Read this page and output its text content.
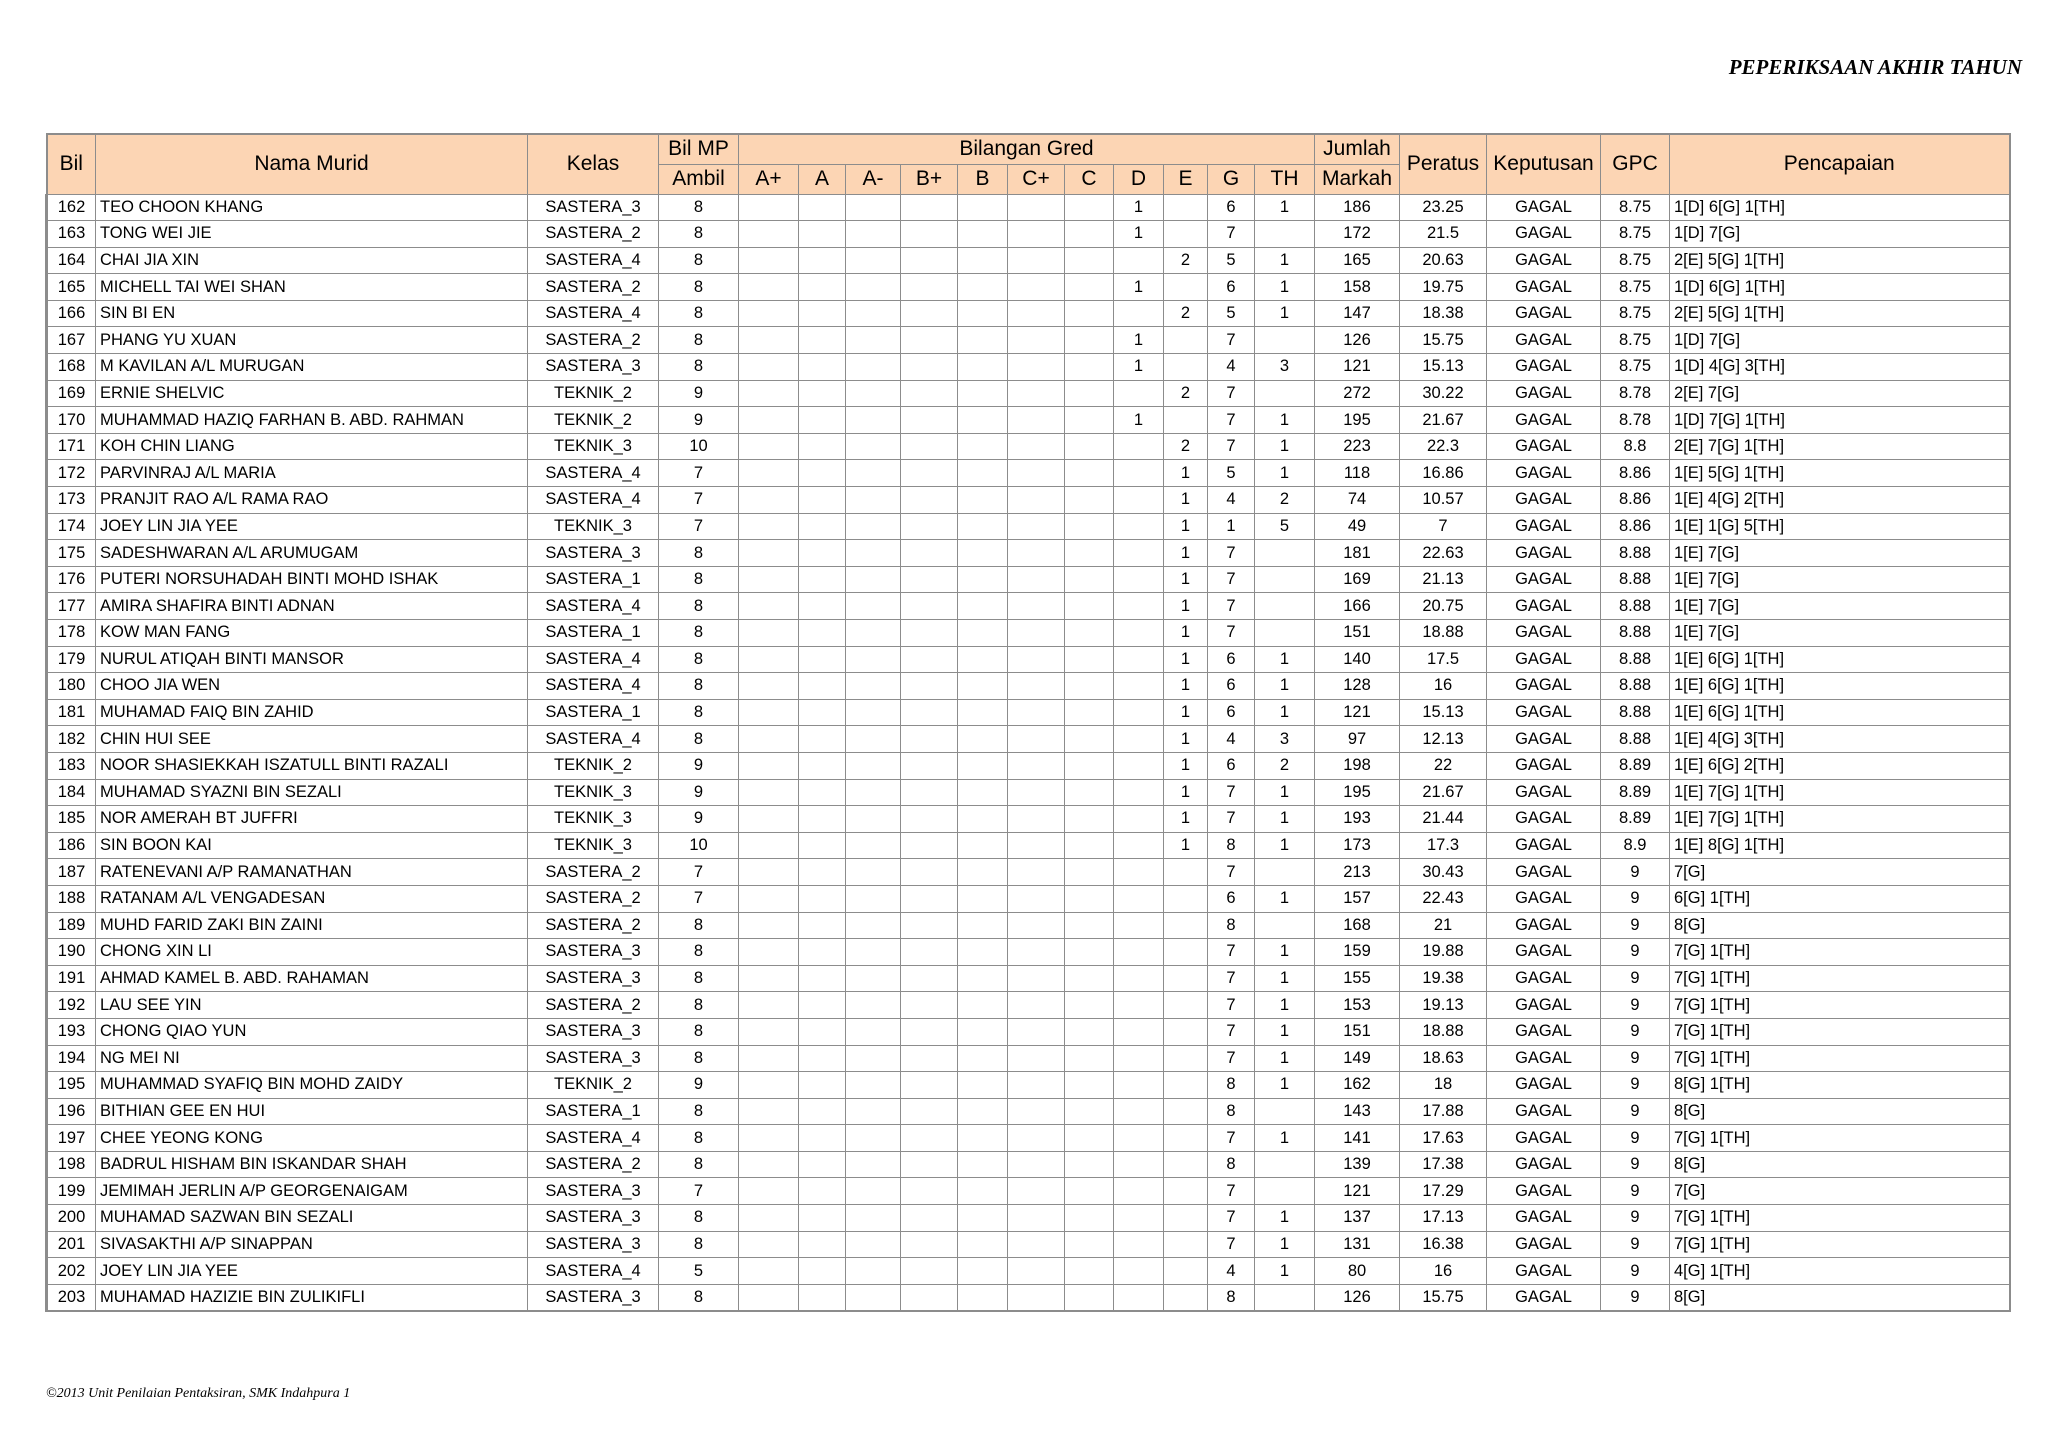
PEPERIKSAAN AKHIR TAHUN
Bil	Nama Murid	Kelas	Bil MP	Bilangan Gred											Jumlah	Peratus	Keputusan	GPC	Pencapaian
			Ambil	A+	A	A-	B+	B	C+	C	D	E	G	TH	Markah				
162	TEO CHOON KHANG	SASTERA_3	8								1		6	1	186	23.25	GAGAL	8.75	1[D] 6[G] 1[TH]
163	TONG WEI JIE	SASTERA_2	8								1		7		172	21.5	GAGAL	8.75	1[D] 7[G]
164	CHAI JIA XIN	SASTERA_4	8									2	5	1	165	20.63	GAGAL	8.75	2[E] 5[G] 1[TH]
165	MICHELL TAI WEI SHAN	SASTERA_2	8								1		6	1	158	19.75	GAGAL	8.75	1[D] 6[G] 1[TH]
166	SIN BI EN	SASTERA_4	8									2	5	1	147	18.38	GAGAL	8.75	2[E] 5[G] 1[TH]
167	PHANG YU XUAN	SASTERA_2	8								1		7		126	15.75	GAGAL	8.75	1[D] 7[G]
168	M KAVILAN A/L MURUGAN	SASTERA_3	8								1		4	3	121	15.13	GAGAL	8.75	1[D] 4[G] 3[TH]
169	ERNIE SHELVIC	TEKNIK_2	9									2	7		272	30.22	GAGAL	8.78	2[E] 7[G]
170	MUHAMMAD HAZIQ FARHAN B. ABD. RAHMAN	TEKNIK_2	9								1		7	1	195	21.67	GAGAL	8.78	1[D] 7[G] 1[TH]
171	KOH CHIN LIANG	TEKNIK_3	10									2	7	1	223	22.3	GAGAL	8.8	2[E] 7[G] 1[TH]
172	PARVINRAJ A/L MARIA	SASTERA_4	7									1	5	1	118	16.86	GAGAL	8.86	1[E] 5[G] 1[TH]
173	PRANJIT RAO A/L RAMA RAO	SASTERA_4	7									1	4	2	74	10.57	GAGAL	8.86	1[E] 4[G] 2[TH]
174	JOEY LIN JIA YEE	TEKNIK_3	7									1	1	5	49	7	GAGAL	8.86	1[E] 1[G] 5[TH]
175	SADESHWARAN A/L ARUMUGAM	SASTERA_3	8									1	7		181	22.63	GAGAL	8.88	1[E] 7[G]
176	PUTERI NORSUHADAH BINTI MOHD ISHAK	SASTERA_1	8									1	7		169	21.13	GAGAL	8.88	1[E] 7[G]
177	AMIRA SHAFIRA BINTI ADNAN	SASTERA_4	8									1	7		166	20.75	GAGAL	8.88	1[E] 7[G]
178	KOW MAN FANG	SASTERA_1	8									1	7		151	18.88	GAGAL	8.88	1[E] 7[G]
179	NURUL ATIQAH BINTI MANSOR	SASTERA_4	8									1	6	1	140	17.5	GAGAL	8.88	1[E] 6[G] 1[TH]
180	CHOO JIA WEN	SASTERA_4	8									1	6	1	128	16	GAGAL	8.88	1[E] 6[G] 1[TH]
181	MUHAMAD FAIQ BIN ZAHID	SASTERA_1	8									1	6	1	121	15.13	GAGAL	8.88	1[E] 6[G] 1[TH]
182	CHIN HUI SEE	SASTERA_4	8									1	4	3	97	12.13	GAGAL	8.88	1[E] 4[G] 3[TH]
183	NOOR SHASIEKKAH ISZATULL BINTI RAZALI	TEKNIK_2	9									1	6	2	198	22	GAGAL	8.89	1[E] 6[G] 2[TH]
184	MUHAMAD SYAZNI BIN SEZALI	TEKNIK_3	9									1	7	1	195	21.67	GAGAL	8.89	1[E] 7[G] 1[TH]
185	NOR AMERAH BT JUFFRI	TEKNIK_3	9									1	7	1	193	21.44	GAGAL	8.89	1[E] 7[G] 1[TH]
186	SIN BOON KAI	TEKNIK_3	10									1	8	1	173	17.3	GAGAL	8.9	1[E] 8[G] 1[TH]
187	RATENEVANI A/P RAMANATHAN	SASTERA_2	7										7		213	30.43	GAGAL	9	7[G]
188	RATANAM A/L VENGADESAN	SASTERA_2	7										6	1	157	22.43	GAGAL	9	6[G] 1[TH]
189	MUHD FARID ZAKI BIN ZAINI	SASTERA_2	8										8		168	21	GAGAL	9	8[G]
190	CHONG XIN LI	SASTERA_3	8										7	1	159	19.88	GAGAL	9	7[G] 1[TH]
191	AHMAD KAMEL B. ABD. RAHAMAN	SASTERA_3	8										7	1	155	19.38	GAGAL	9	7[G] 1[TH]
192	LAU SEE YIN	SASTERA_2	8										7	1	153	19.13	GAGAL	9	7[G] 1[TH]
193	CHONG QIAO YUN	SASTERA_3	8										7	1	151	18.88	GAGAL	9	7[G] 1[TH]
194	NG MEI NI	SASTERA_3	8										7	1	149	18.63	GAGAL	9	7[G] 1[TH]
195	MUHAMMAD SYAFIQ BIN MOHD ZAIDY	TEKNIK_2	9										8	1	162	18	GAGAL	9	8[G] 1[TH]
196	BITHIAN GEE EN HUI	SASTERA_1	8										8		143	17.88	GAGAL	9	8[G]
197	CHEE YEONG KONG	SASTERA_4	8										7	1	141	17.63	GAGAL	9	7[G] 1[TH]
198	BADRUL HISHAM BIN ISKANDAR SHAH	SASTERA_2	8										8		139	17.38	GAGAL	9	8[G]
199	JEMIMAH JERLIN A/P GEORGENAIGAM	SASTERA_3	7										7		121	17.29	GAGAL	9	7[G]
200	MUHAMAD SAZWAN BIN SEZALI	SASTERA_3	8										7	1	137	17.13	GAGAL	9	7[G] 1[TH]
201	SIVASAKTHI A/P SINAPPAN	SASTERA_3	8										7	1	131	16.38	GAGAL	9	7[G] 1[TH]
202	JOEY LIN JIA YEE	SASTERA_4	5										4	1	80	16	GAGAL	9	4[G] 1[TH]
203	MUHAMAD HAZIZIE BIN ZULIKIFLI	SASTERA_3	8										8		126	15.75	GAGAL	9	8[G]
©2013 Unit Penilaian Pentaksiran, SMK Indahpura 1
